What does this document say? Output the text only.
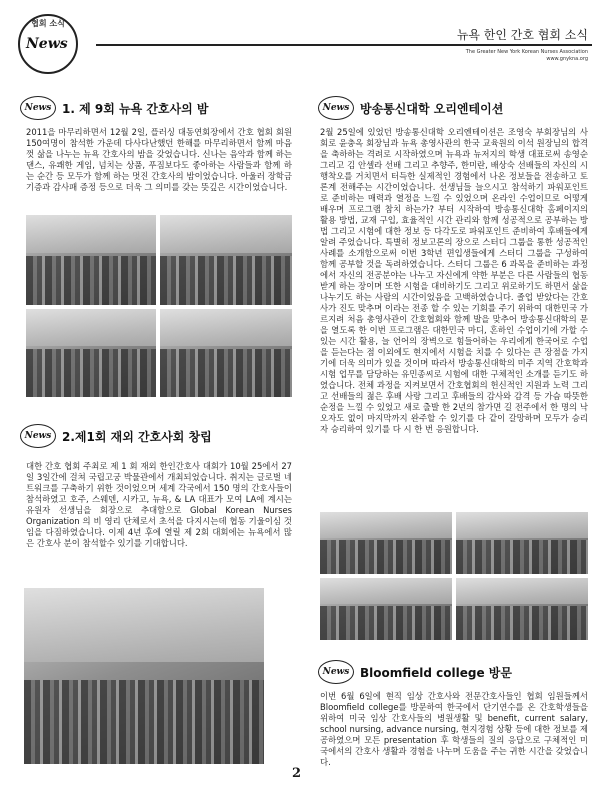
협회 소식
News
뉴욕 한인 간호 협회 소식
The Greater New York Korean Nurses Association
www.gnykna.org
News 1. 제 9회 뉴욕 간호사의 밤
2011을 마무리하면서 12월 2일, 플러싱 대동연회장에서 간호 협회 회원 150여명이 참석한 가운데 다사다난했던 한해를 마무리하면서 함께 마음껏 삶을 나누는 뉴욕 간호사의 밤을 갖었습니다. 신나는 음악과 함께 하는 댄스, 유쾌한 게임, 넘치는 상품, 푸짐보다도 좋아하는 사람들과 함께 하는 순간 등 모두가 함께 하는 멋진 간호사의 밤이었습니다. 아울러 장학금 기증과 감사패 증정 등으로 더욱 그 의미를 갖는 뜻깊은 시간이었습니다.
News 2.제1회 재외 간호사회 창립
대한 간호 협회 주최로 제 1 회 재외 한인간호사 대회가 10월 25에서 27일 3일간에 걸쳐 국립고궁 박물관에서 개최되었습니다. 취지는 글로벌 네트워크를 구축하기 위한 것이었으며 세계 각국에서 150 명의 간호사들이 참석하였고 호주, 스웨덴, 시카고, 뉴욕, & LA 대표가 모여 LA에 계시는 유원자 선생님을 회장으로 추대함으로 Global Korean Nurses Organization 의 비 영리 단체로서 초석을 다지시는데 협동 기울이심 것임을 다짐하였습니다. 이제 4년 후에 열릴 제 2회 대회에는 뉴욕에서 많은 간호사 분이 참석할수 있기를 기대합니다.
News 방송통신대학 오리엔테이션
2월 25일에 있었던 방송통신대학 오리엔테이션은 조영숙 부회장님의 사회로 윤충옥 회장님과 뉴욕 총영사관의 한국 교육원의 이석 원장님의 합격을 축하하는 격려로 시작하였으며 뉴욕과 뉴저지의 학생 대표로써 송영순 그리고 김 안셀라 선배 그리고 추향주, 한미란, 배상숙 선배들의 자신의 시행착오를 거치면서 터득한 실제적인 경험에서 나온 정보들을 전송하고 토론계 전해주는 시간이었습니다. 선생님들 늘으시고 참석하기 파워포인트로 준비하는 매력과 열정을 느낄 수 있었으며 온라인 수업이므로 어떻게 배우며 프로그램 참치 하는가? 부터 시작하여 방송통신대학 홈페이지의 활용 방법, 교재 구입, 효율적인 시간 관리와 함께 성공적으로 공부하는 방법 그리고 시험에 대한 정보 등 다각도로 파워포인트 준비하여 후배들에게 알려 주었습니다. 특별히 정보고론의 장으로 스터디 그룹을 통한 성공적인 사례를 소개함으로써 이번 3학년 편입생들에게 스터디 그룹을 구성하여 함께 공부할 것을 독려하였습니다. 스터디 그룹은 6 과목을 준비하는 과정에서 자신의 전공분야는 나누고 자신에게 약한 부분은 다른 사람들의 협동 받게 하는 장이며 또한 시험을 대비하기도 그리고 위로하기도 하면서 삶을 나누기도 하는 사람의 시간이었음을 고백하였습니다. 졸업 받았다는 간호사가 진도 맞추며 이라는 전종 할 수 있는 기회를 주기 위하여 대한민국 가르지려 처음 총영사관이 간호협회와 함께 발을 맞추어 방송통신대학의 문을 열도록 한 이번 프로그램은 대한민국 마디, 혼하인 수업이기에 가할 수 있는 시간 활용, 늘 언어의 장벽으로 힘들어하는 우리에게 한국어로 수업을 듣는다는 점 이외에도 현지에서 시험을 치를 수 있다는 큰 장점을 가지기에 더욱 의미가 있을 것이며 따라서 방송통신대학의 미주 지역 간호학과 시험 업무를 담당하는 유민종씨로 시험에 대한 구체적인 소개를 듣기도 하였습니다. 전체 과정을 지켜보면서 간호협회의 헌신적인 지원과 노력 그리고 선배들의 젊은 후배 사랑 그리고 후배들의 감사와 감격 등 가슴 따뜻한 순정을 느낄 수 있었고 새로 출발 한 2년의 참가면 길 전주에서 한 명의 낙오자도 없이 마지막까지 완주할 수 있기를 다 같이 갈망하며 모두가 승리자 승리하여 있기를 다 시 한 번 응원합니다.
News Bloomfield college 방문
이번 6월 6일에 현직 임상 간호사와 전문간호사들인 협회 임원들께서 Bloomfield college를 방문하여 한국에서 단기연수를 온 간호학생들을 위하여 미국 임상 간호사들의 병원생활 및 benefit, current salary, school nursing, advance nursing, 현지경험 상황 등에 대한 정보를 제공하였으며 모든 presentation 후 학생들의 질의 응답으로 구체적인 미국에서의 간호사 생활과 경험을 나누며 도움을 주는 귀한 시간을 갖었습니다.
2
